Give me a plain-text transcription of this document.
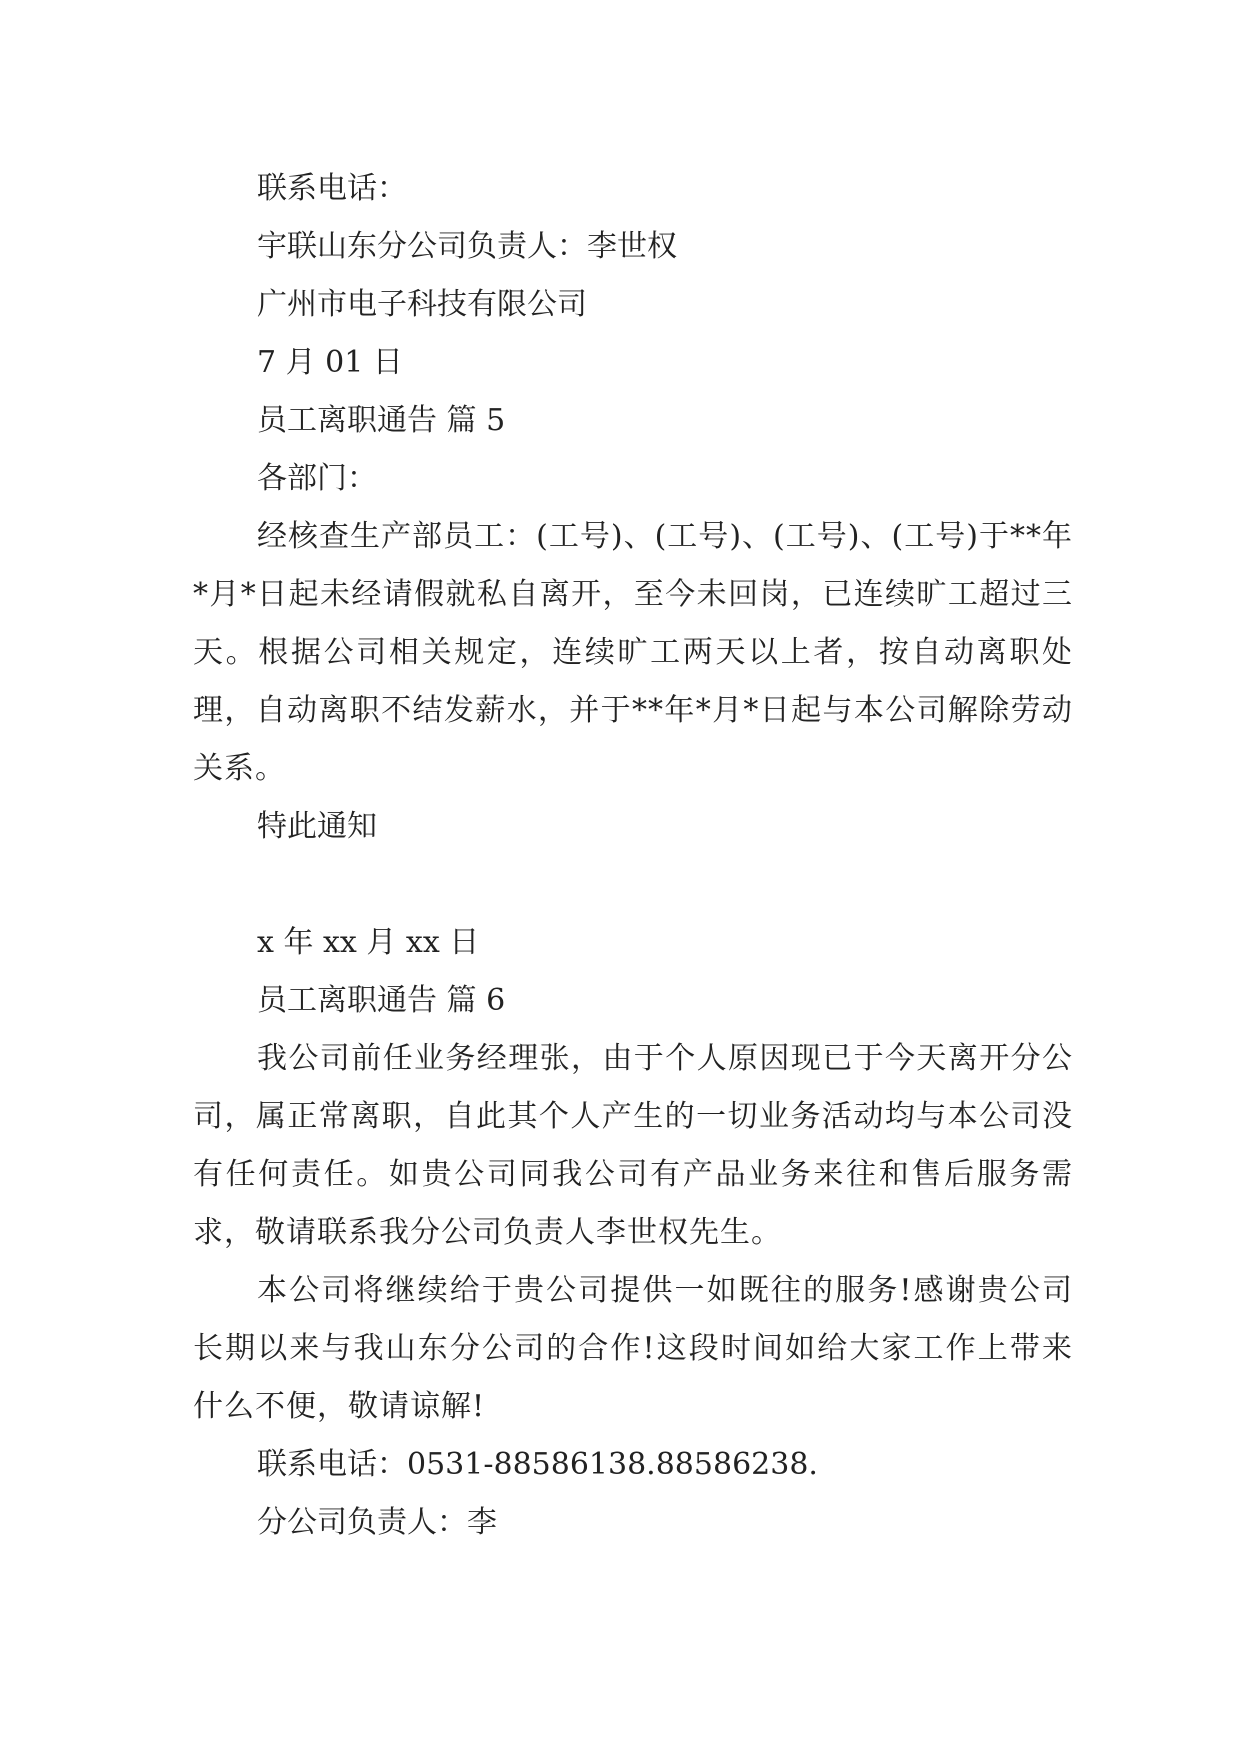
联系电话：

宇联山东分公司负责人：李世权

广州市电子科技有限公司

7 月 01 日

员工离职通告 篇 5

各部门：

经核查生产部员工：(工号)、(工号)、(工号)、(工号)于**年*月*日起未经请假就私自离开，至今未回岗，已连续旷工超过三天。根据公司相关规定，连续旷工两天以上者，按自动离职处理，自动离职不结发薪水，并于**年*月*日起与本公司解除劳动关系。

特此通知

x 年 xx 月 xx 日

员工离职通告 篇 6

我公司前任业务经理张，由于个人原因现已于今天离开分公司，属正常离职，自此其个人产生的一切业务活动均与本公司没有任何责任。如贵公司同我公司有产品业务来往和售后服务需求，敬请联系我分公司负责人李世权先生。

本公司将继续给于贵公司提供一如既往的服务!感谢贵公司长期以来与我山东分公司的合作!这段时间如给大家工作上带来什么不便，敬请谅解!

联系电话：0531-88586138.88586238.

分公司负责人：李
